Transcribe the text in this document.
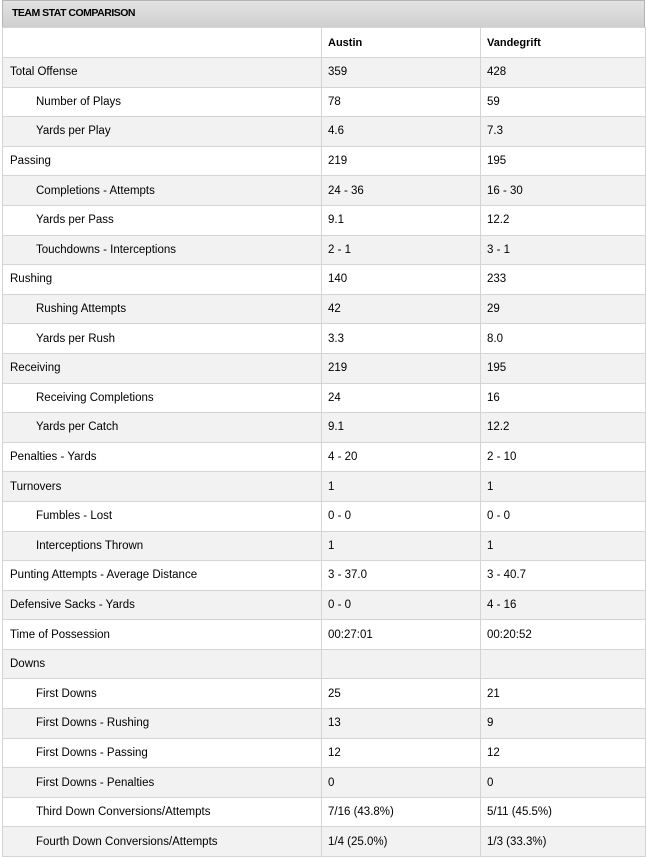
TEAM STAT COMPARISON
	Austin	Vandegrift
Total Offense	359	428
Number of Plays	78	59
Yards per Play	4.6	7.3
Passing	219	195
Completions - Attempts	24 - 36	16 - 30
Yards per Pass	9.1	12.2
Touchdowns - Interceptions	2 - 1	3 - 1
Rushing	140	233
Rushing Attempts	42	29
Yards per Rush	3.3	8.0
Receiving	219	195
Receiving Completions	24	16
Yards per Catch	9.1	12.2
Penalties - Yards	4 - 20	2 - 10
Turnovers	1	1
Fumbles - Lost	0 - 0	0 - 0
Interceptions Thrown	1	1
Punting Attempts - Average Distance	3 - 37.0	3 - 40.7
Defensive Sacks - Yards	0 - 0	4 - 16
Time of Possession	00:27:01	00:20:52
Downs		
First Downs	25	21
First Downs - Rushing	13	9
First Downs - Passing	12	12
First Downs - Penalties	0	0
Third Down Conversions/Attempts	7/16 (43.8%)	5/11 (45.5%)
Fourth Down Conversions/Attempts	1/4 (25.0%)	1/3 (33.3%)
